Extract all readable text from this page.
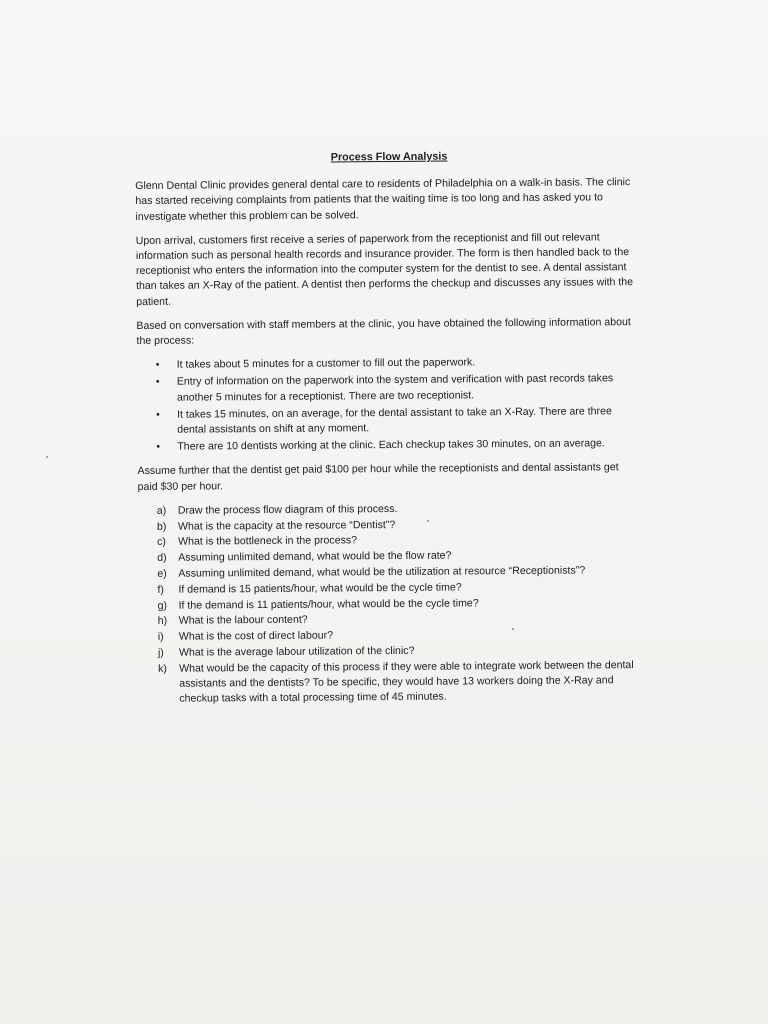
Process Flow Analysis

Glenn Dental Clinic provides general dental care to residents of Philadelphia on a walk-in basis. The clinic has started receiving complaints from patients that the waiting time is too long and has asked you to investigate whether this problem can be solved.

Upon arrival, customers first receive a series of paperwork from the receptionist and fill out relevant information such as personal health records and insurance provider. The form is then handled back to the receptionist who enters the information into the computer system for the dentist to see. A dental assistant than takes an X-Ray of the patient. A dentist then performs the checkup and discusses any issues with the patient.

Based on conversation with staff members at the clinic, you have obtained the following information about the process:

• It takes about 5 minutes for a customer to fill out the paperwork.
• Entry of information on the paperwork into the system and verification with past records takes another 5 minutes for a receptionist. There are two receptionist.
• It takes 15 minutes, on an average, for the dental assistant to take an X-Ray. There are three dental assistants on shift at any moment.
• There are 10 dentists working at the clinic. Each checkup takes 30 minutes, on an average.

Assume further that the dentist get paid $100 per hour while the receptionists and dental assistants get paid $30 per hour.

a) Draw the process flow diagram of this process.
b) What is the capacity at the resource “Dentist”?
c) What is the bottleneck in the process?
d) Assuming unlimited demand, what would be the flow rate?
e) Assuming unlimited demand, what would be the utilization at resource “Receptionists”?
f) If demand is 15 patients/hour, what would be the cycle time?
g) If the demand is 11 patients/hour, what would be the cycle time?
h) What is the labour content?
i) What is the cost of direct labour?
j) What is the average labour utilization of the clinic?
k) What would be the capacity of this process if they were able to integrate work between the dental assistants and the dentists? To be specific, they would have 13 workers doing the X-Ray and checkup tasks with a total processing time of 45 minutes.
